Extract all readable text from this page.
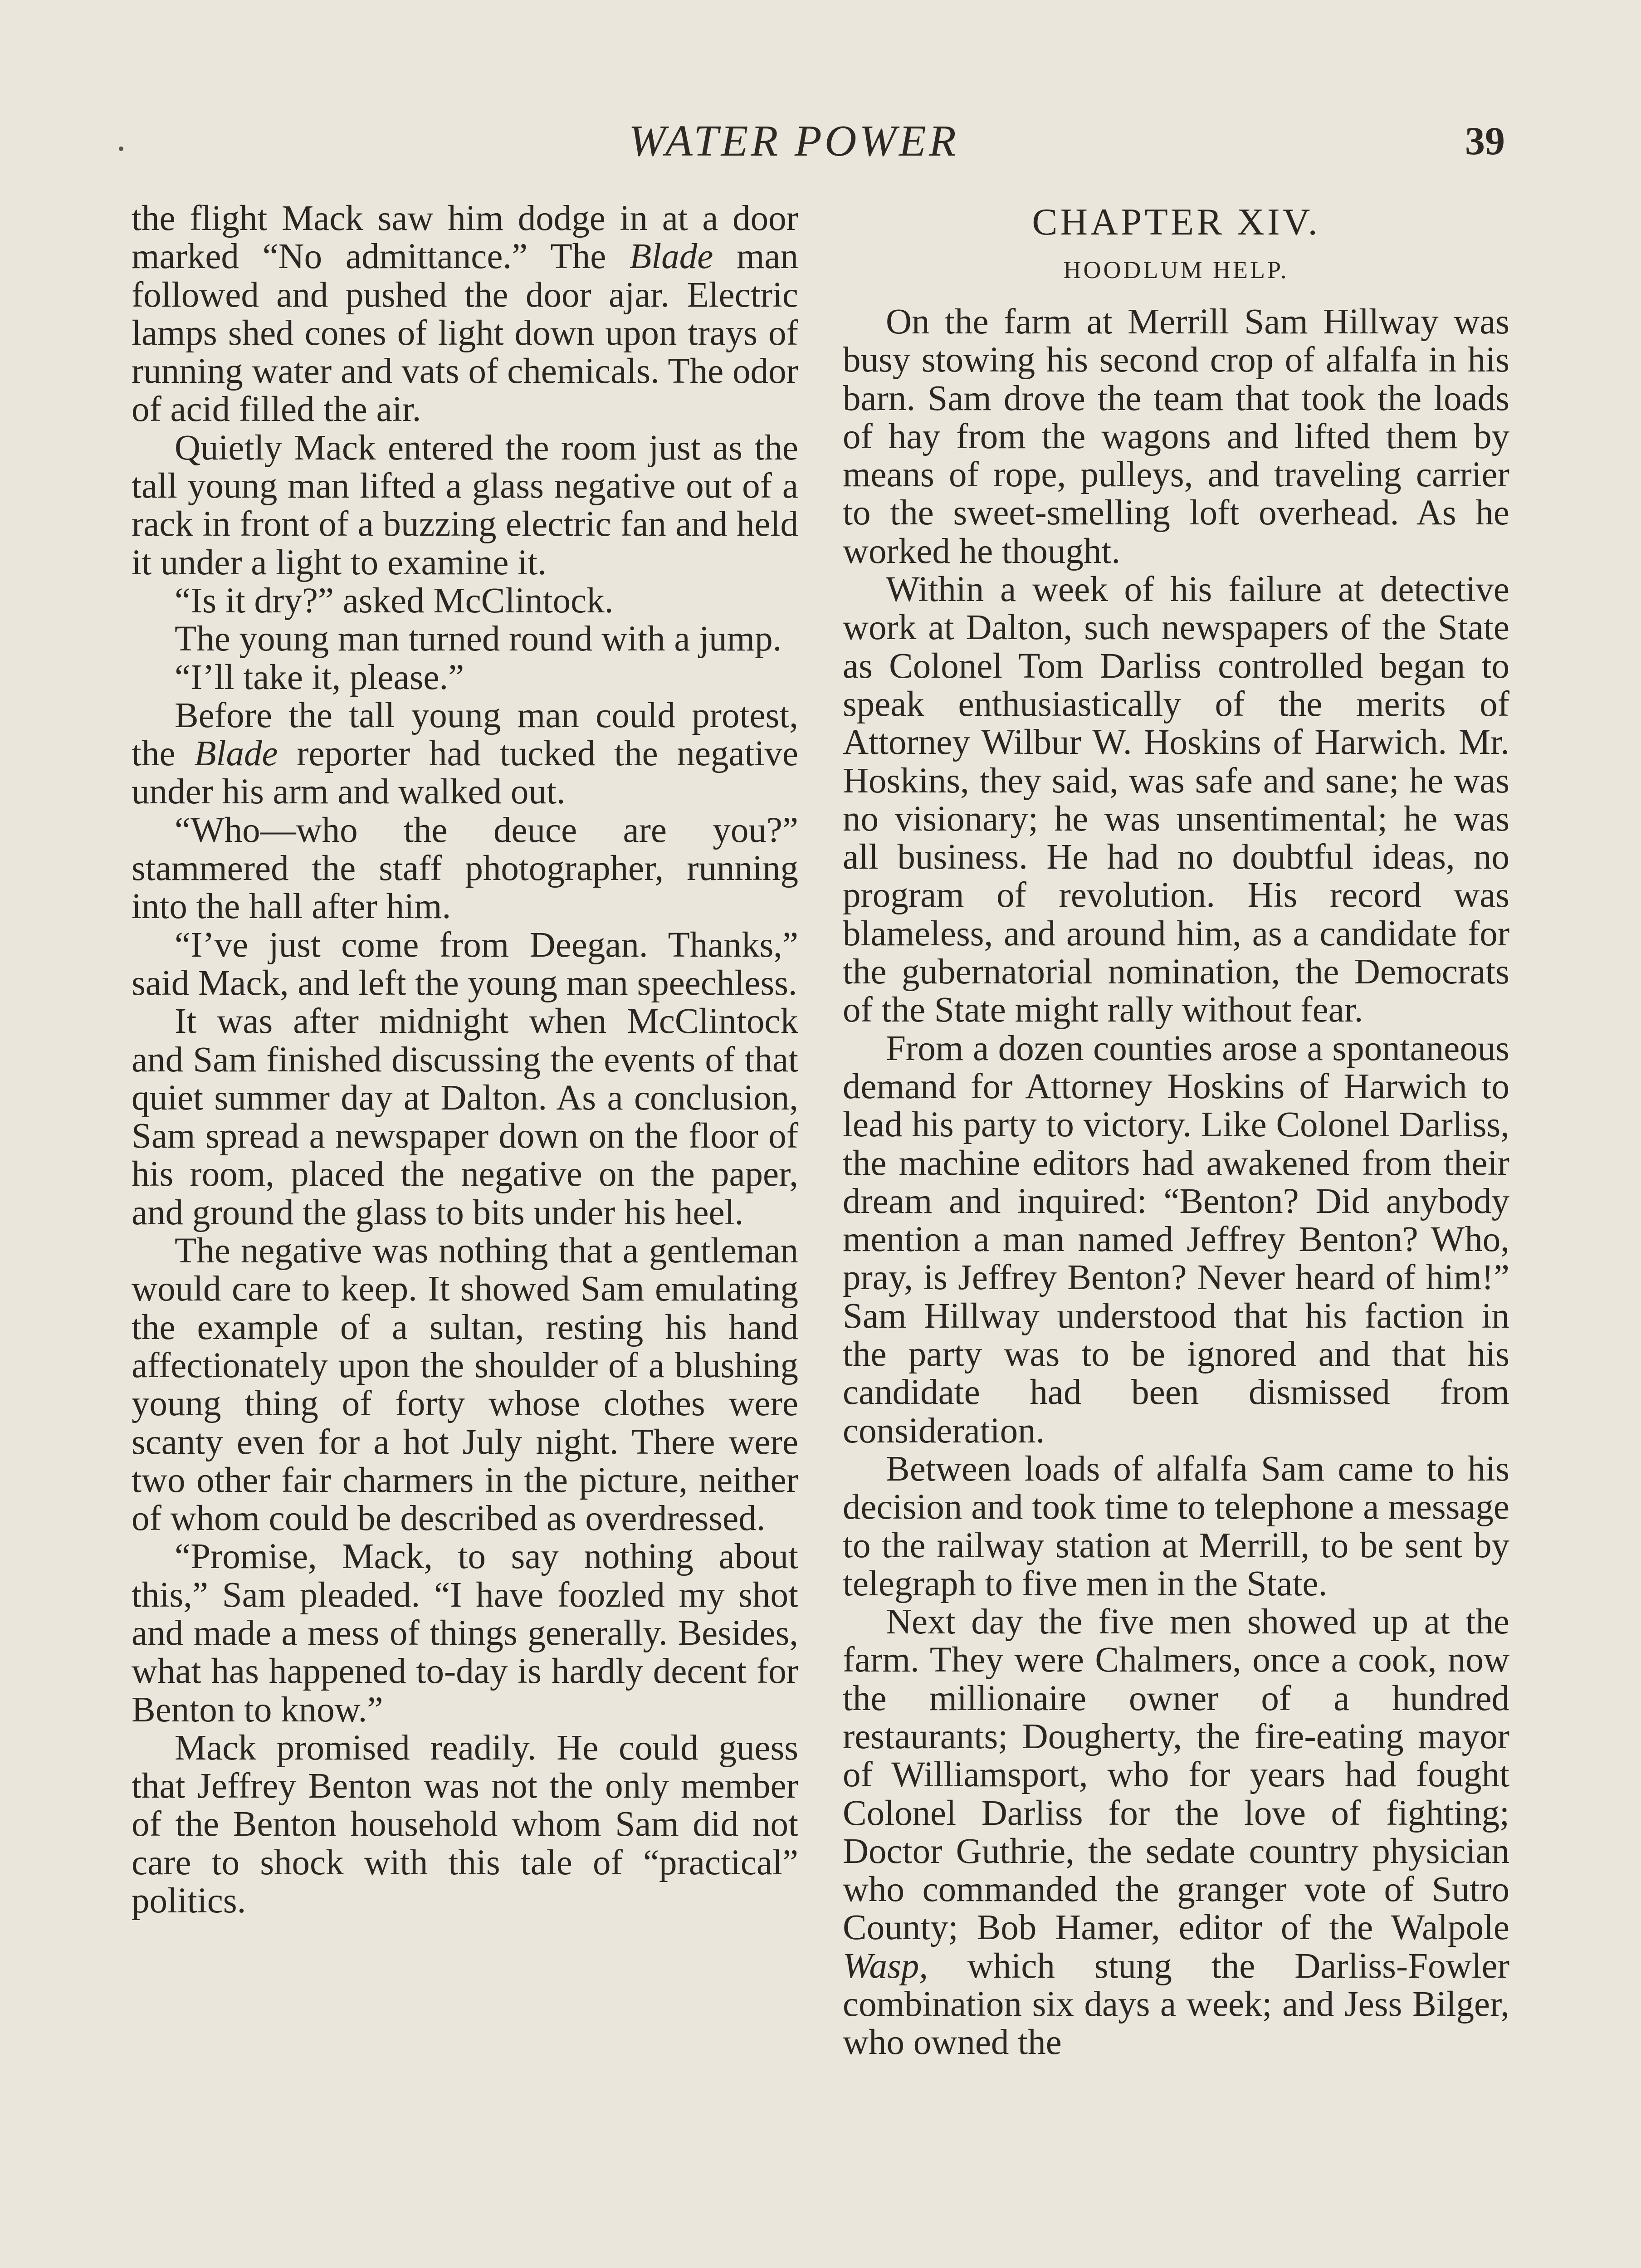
WATER POWER	39

the flight Mack saw him dodge in at a door marked “No admittance.” The Blade man followed and pushed the door ajar. Electric lamps shed cones of light down upon trays of running water and vats of chemicals. The odor of acid filled the air.

Quietly Mack entered the room just as the tall young man lifted a glass negative out of a rack in front of a buzzing electric fan and held it under a light to examine it.

“Is it dry?” asked McClintock.

The young man turned round with a jump.

“I’ll take it, please.”

Before the tall young man could protest, the Blade reporter had tucked the negative under his arm and walked out.

“Who—who the deuce are you?” stammered the staff photographer, running into the hall after him.

“I’ve just come from Deegan. Thanks,” said Mack, and left the young man speechless.

It was after midnight when McClintock and Sam finished discussing the events of that quiet summer day at Dalton. As a conclusion, Sam spread a newspaper down on the floor of his room, placed the negative on the paper, and ground the glass to bits under his heel.

The negative was nothing that a gentleman would care to keep. It showed Sam emulating the example of a sultan, resting his hand affectionately upon the shoulder of a blushing young thing of forty whose clothes were scanty even for a hot July night. There were two other fair charmers in the picture, neither of whom could be described as overdressed.

“Promise, Mack, to say nothing about this,” Sam pleaded. “I have foozled my shot and made a mess of things generally. Besides, what has happened to-day is hardly decent for Benton to know.”

Mack promised readily. He could guess that Jeffrey Benton was not the only member of the Benton household whom Sam did not care to shock with this tale of “practical” politics.

CHAPTER XIV.
HOODLUM HELP.

On the farm at Merrill Sam Hillway was busy stowing his second crop of alfalfa in his barn. Sam drove the team that took the loads of hay from the wagons and lifted them by means of rope, pulleys, and traveling carrier to the sweet-smelling loft overhead. As he worked he thought.

Within a week of his failure at detective work at Dalton, such newspapers of the State as Colonel Tom Darliss controlled began to speak enthusiastically of the merits of Attorney Wilbur W. Hoskins of Harwich. Mr. Hoskins, they said, was safe and sane; he was no visionary; he was unsentimental; he was all business. He had no doubtful ideas, no program of revolution. His record was blameless, and around him, as a candidate for the gubernatorial nomination, the Democrats of the State might rally without fear.

From a dozen counties arose a spontaneous demand for Attorney Hoskins of Harwich to lead his party to victory. Like Colonel Darliss, the machine editors had awakened from their dream and inquired: “Benton? Did anybody mention a man named Jeffrey Benton? Who, pray, is Jeffrey Benton? Never heard of him!” Sam Hillway understood that his faction in the party was to be ignored and that his candidate had been dismissed from consideration.

Between loads of alfalfa Sam came to his decision and took time to telephone a message to the railway station at Merrill, to be sent by telegraph to five men in the State.

Next day the five men showed up at the farm. They were Chalmers, once a cook, now the millionaire owner of a hundred restaurants; Dougherty, the fire-eating mayor of Williamsport, who for years had fought Colonel Darliss for the love of fighting; Doctor Guthrie, the sedate country physician who commanded the granger vote of Sutro County; Bob Hamer, editor of the Walpole Wasp, which stung the Darliss-Fowler combination six days a week; and Jess Bilger, who owned the
